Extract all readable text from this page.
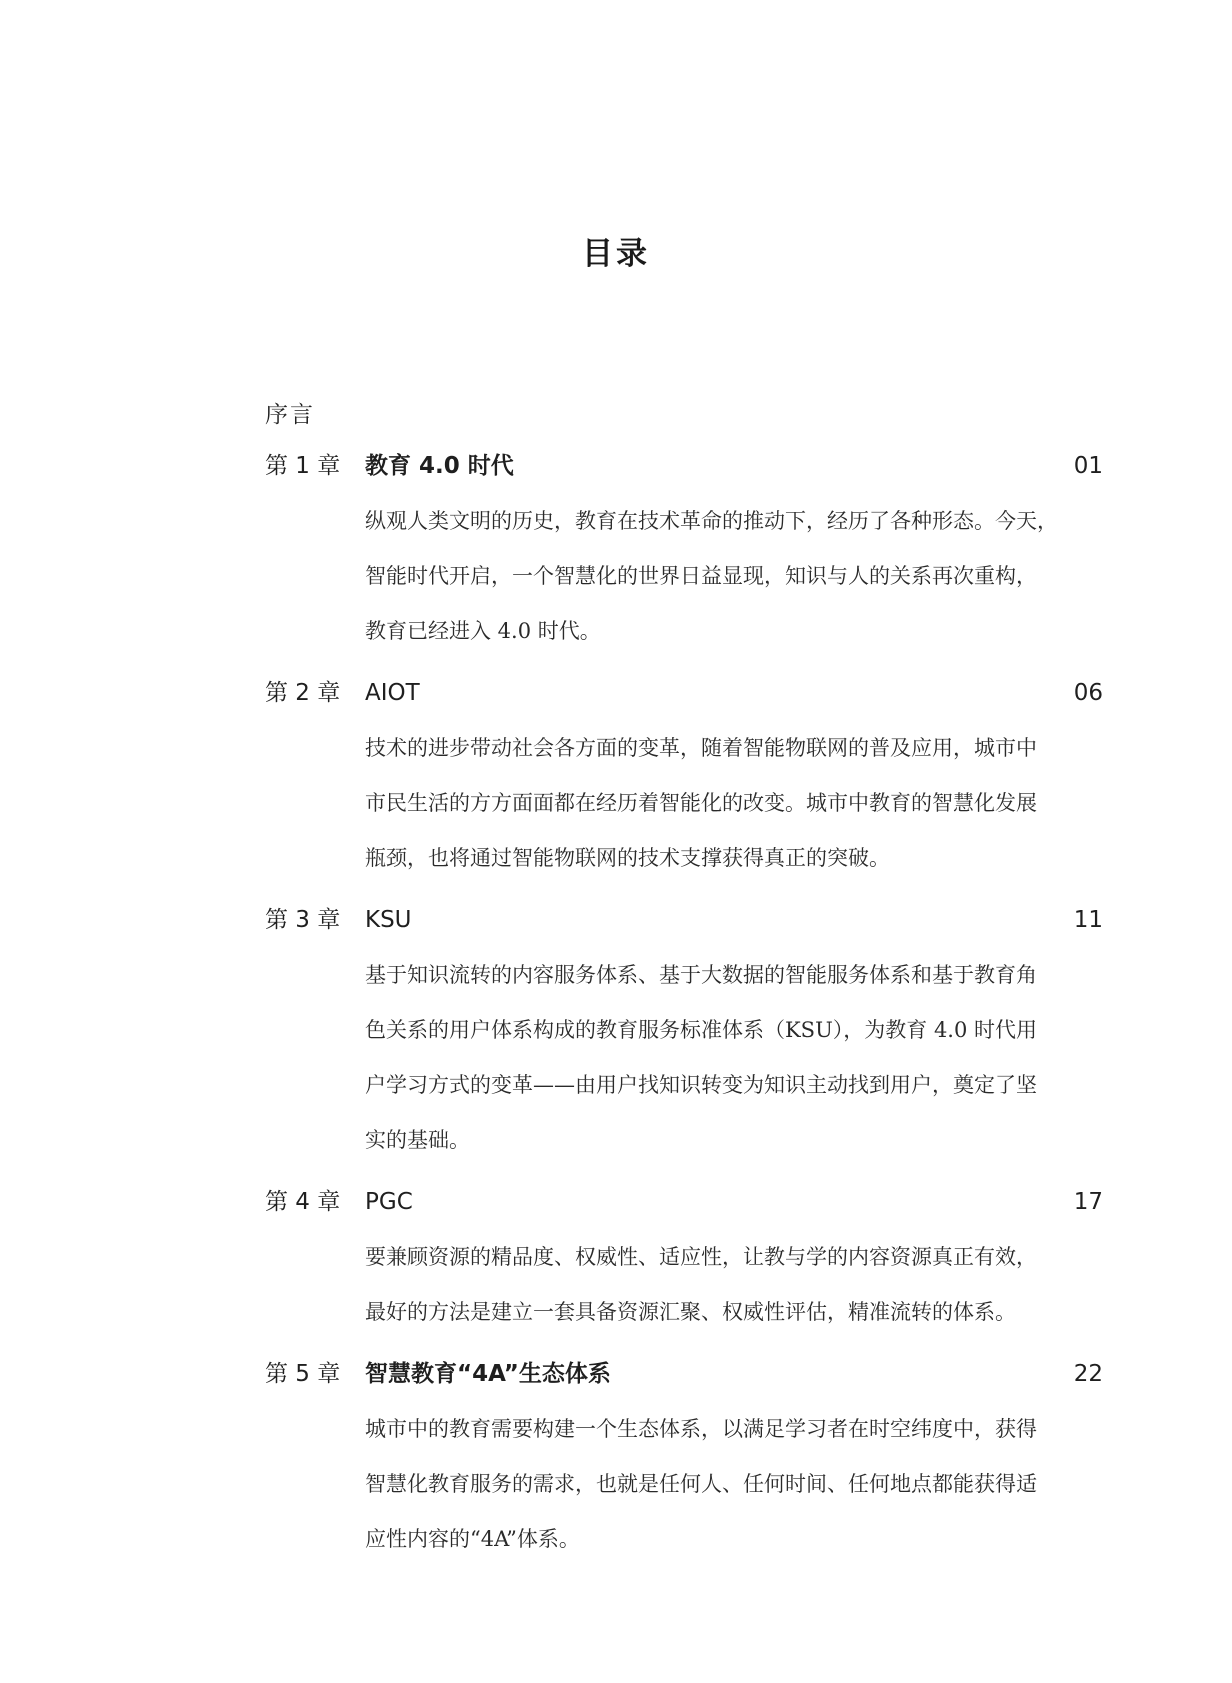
目录
序言
第 1 章	教育 4.0 时代	01
纵观人类文明的历史，教育在技术革命的推动下，经历了各种形态。今天，
智能时代开启，一个智慧化的世界日益显现，知识与人的关系再次重构，
教育已经进入 4.0 时代。
第 2 章	AIOT	06
技术的进步带动社会各方面的变革，随着智能物联网的普及应用，城市中
市民生活的方方面面都在经历着智能化的改变。城市中教育的智慧化发展
瓶颈，也将通过智能物联网的技术支撑获得真正的突破。
第 3 章	KSU	11
基于知识流转的内容服务体系、基于大数据的智能服务体系和基于教育角
色关系的用户体系构成的教育服务标准体系（KSU），为教育 4.0 时代用
户学习方式的变革——由用户找知识转变为知识主动找到用户，奠定了坚
实的基础。
第 4 章	PGC	17
要兼顾资源的精品度、权威性、适应性，让教与学的内容资源真正有效，
最好的方法是建立一套具备资源汇聚、权威性评估，精准流转的体系。
第 5 章	智慧教育“4A”生态体系	22
城市中的教育需要构建一个生态体系，以满足学习者在时空纬度中，获得
智慧化教育服务的需求，也就是任何人、任何时间、任何地点都能获得适
应性内容的“4A”体系。
